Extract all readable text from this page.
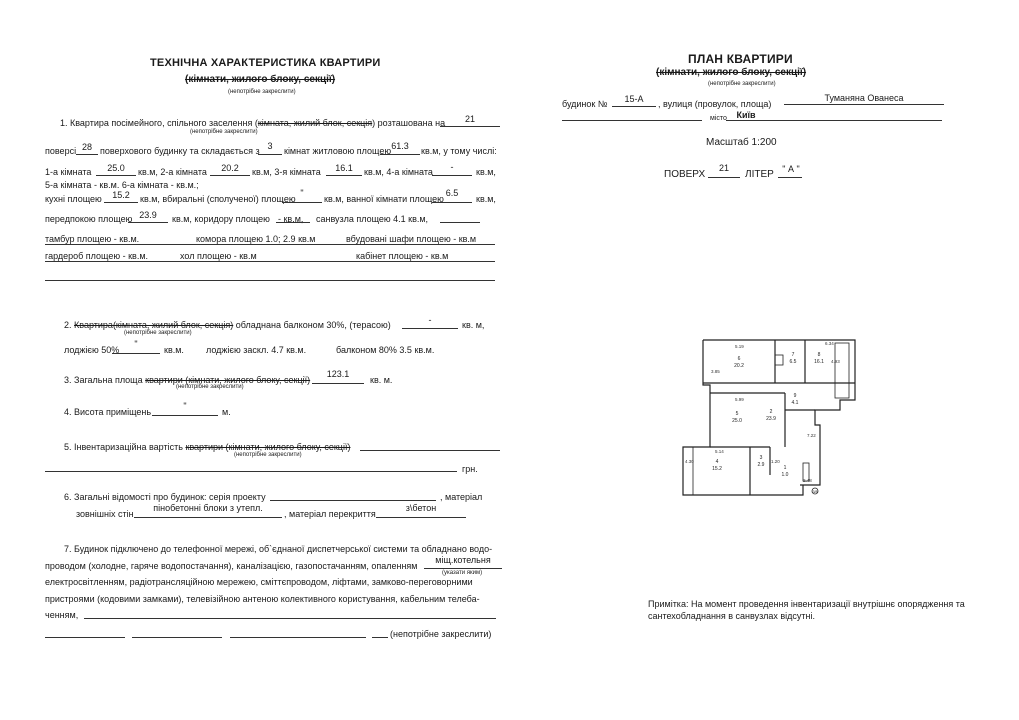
ТЕХНІЧНА ХАРАКТЕРИСТИКА КВАРТИРИ
(кімнати, жилого блоку, секції)
(непотрібне закреслити)
1. Квартира посімейного, спільного заселення (кімната, жилий блок, секція) розташована на	21
(непотрібне закреслити)
поверсі 28 поверхового будинку та складається з 3	кімнат житловою площею 61.3	кв.м, у тому числі:
1-а кімната	25.0	кв.м, 2-а кімната	20.2	кв.м, 3-я кімната	16.1	кв.м, 4-а кімната	-	кв.м,
5-а кімната - кв.м. 6-а кімната - кв.м.;
кухні площею	15.2	кв.м, вбиральні (сполученої) площею
"
кв.м, ванної кімнати площею
6.5
кв.м,
передпокою площею 23.9	кв.м, коридору площею - кв.м, санвузла площею 4.1 кв.м,
тамбур площею - кв.м.	комора площею 1.0; 2.9 кв.м	вбудовані шафи площею - кв.м
гардероб площею - кв.м.	хол площею - кв.м	кабінет площею - кв.м
2. Квартира(кімната, жилий блок, секція) обладнана балконом 30%, (терасою)	-	кв. м,
(непотрібне закреслити)
лоджією 50%
"
кв.м. лоджією заскл. 4.7 кв.м.	балконом 80% 3.5 кв.м.
3. Загальна площа квартири (кімнати, жилого блоку, секції)
123.1
кв. м.
(непотрібне закреслити)
4. Висота приміщень
"
м.
5. Інвентаризаційна вартість квартири (кімнати, жилого блоку, секції)
(непотрібне закреслити)
грн.
6. Загальні відомості про будинок: серія проекту	, матеріал
зовнішніх стін
пінобетонні блоки з утепл.
, матеріал перекриття
з\бетон
7. Будинок підключено до телефонної мережі, об`єднаної диспетчерської системи та обладнано водо-
проводом (холодне, гаряче водопостачання), каналізацією, газопостачанням, опаленням
міщ.котельня
(указати яким)
електросвітленням, радіотрансляційною мережею, сміттєпроводом, ліфтами, замково-переговорними
пристроями (кодовими замками), телевізійною антеною колективного користування, кабельним телеба-
ченням,
(непотрібне закреслити)
ПЛАН КВАРТИРИ
(кімнати, жилого блоку, секції)
(непотрібне закреслити)
будинок №	15-А	, вулиця (провулок, площа)
Туманяна Ованеса
місто	Київ
Масштаб 1:200
ПОВЕРХ
21
ЛІТЕР " А "
5.19
3.85
6.34
4.93
5.99
7.22
5.14
1.20
2.48
4.30
6
20.2
7
6.5
8
16.1
9
4.1
5
25.0
2
23.9
3
2.9
4
15.2	1
1.0
3/8
Примітка: На момент проведення інвентаризації внутрішнє опорядження та сантехобладнання в санвузлах відсутні.
